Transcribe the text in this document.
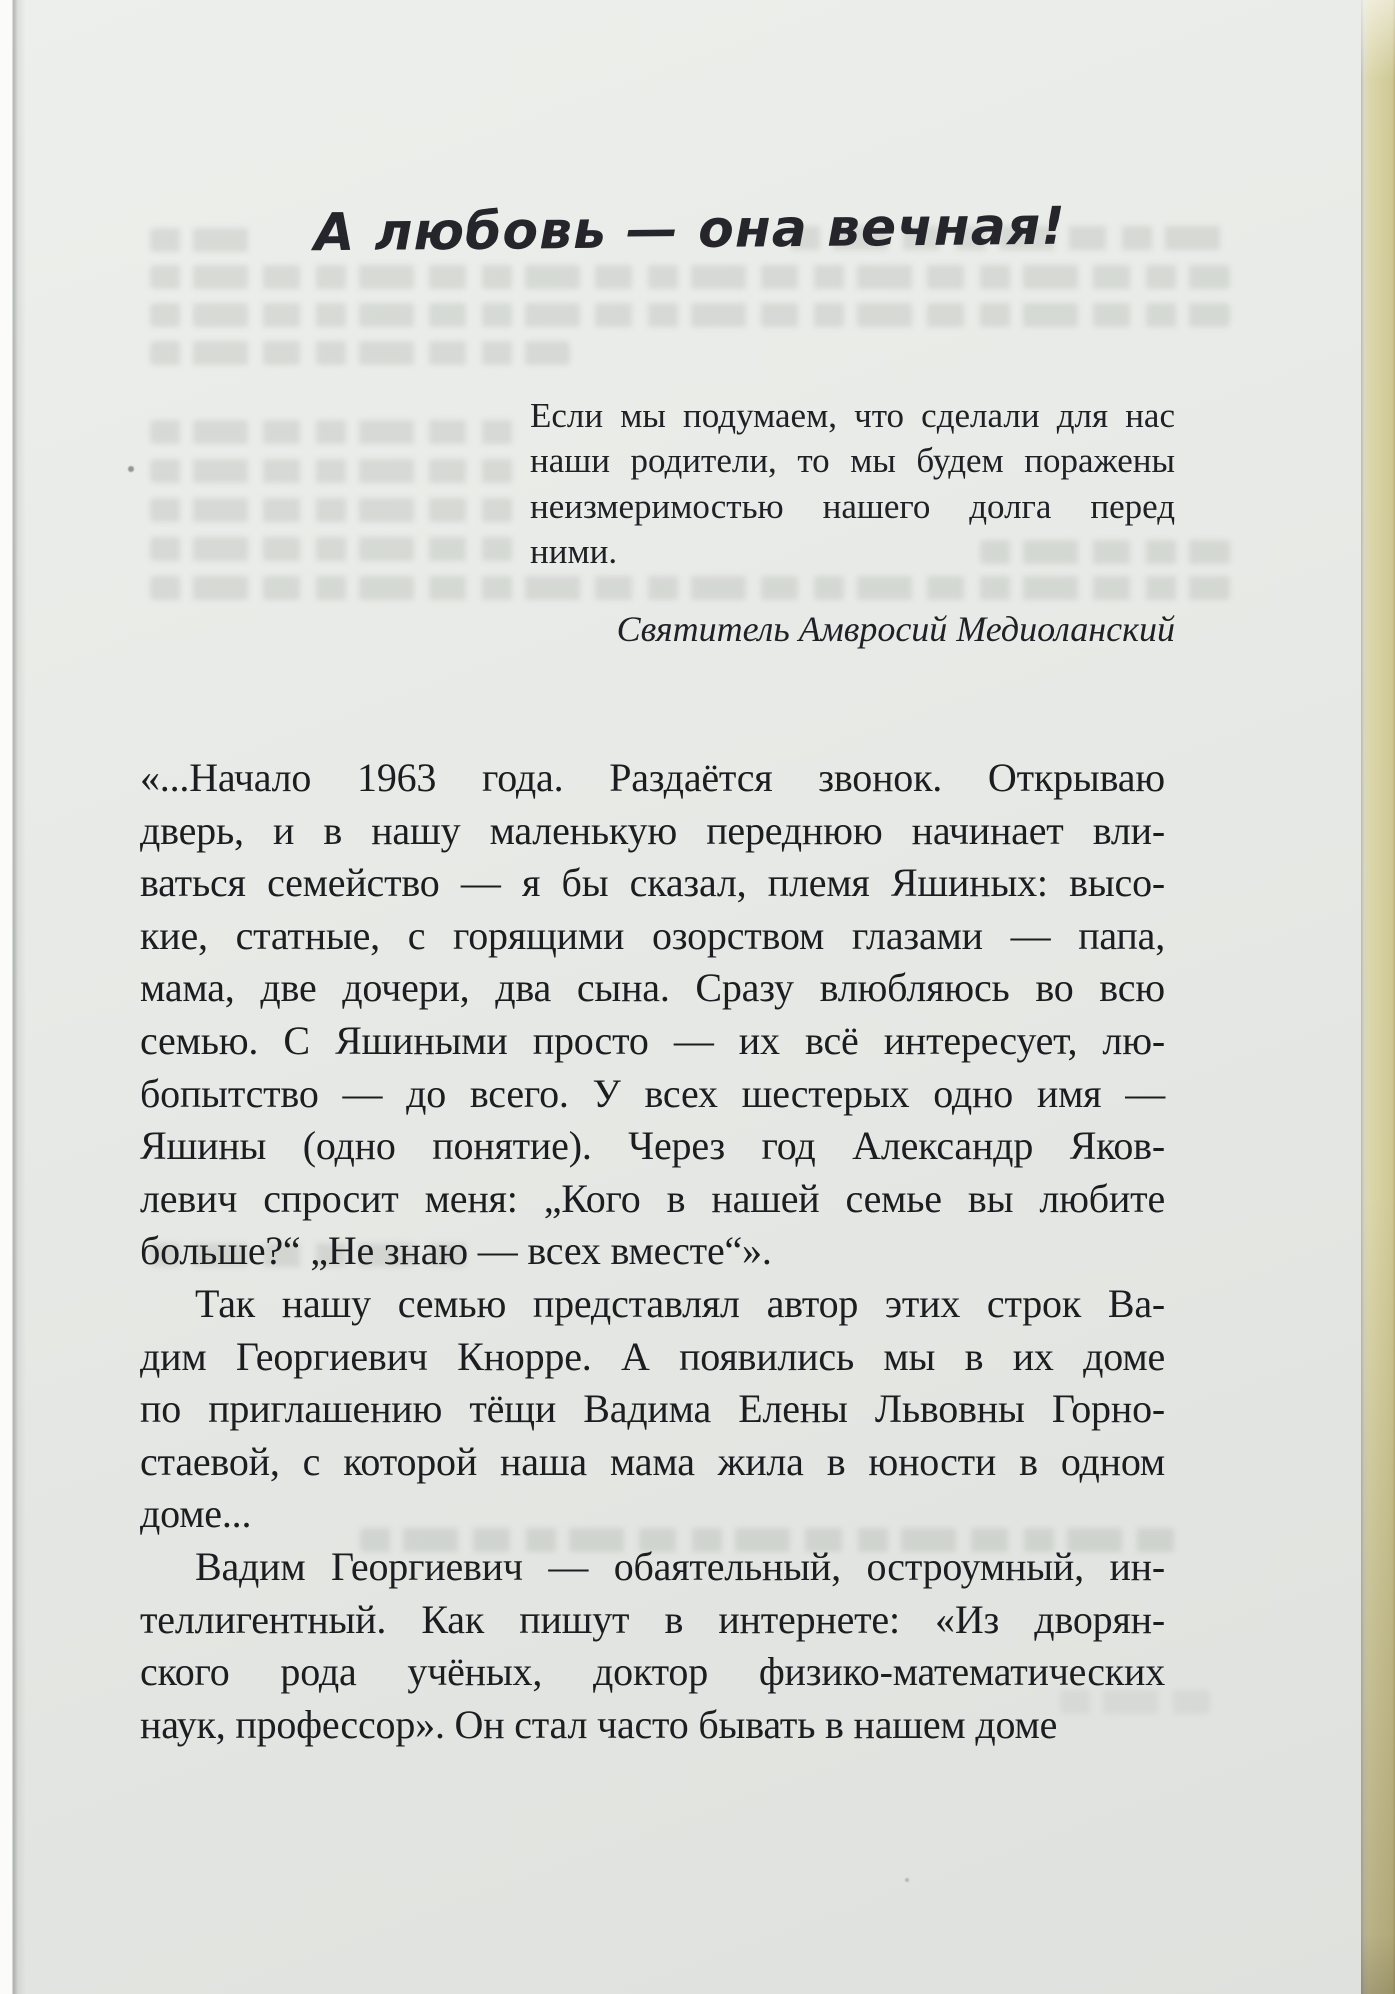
А любовь — она вечная!
Если мы подумаем, что сделали для нас
наши родители, то мы будем поражены
неизмеримостью нашего долга перед
ними.
Святитель Амвросий Медиоланский
«...Начало 1963 года. Раздаётся звонок. Открываю
дверь, и в нашу маленькую переднюю начинает вли-
ваться семейство — я бы сказал, племя Яшиных: высо-
кие, статные, с горящими озорством глазами — папа,
мама, две дочери, два сына. Сразу влюбляюсь во всю
семью. С Яшиными просто — их всё интересует, лю-
бопытство — до всего. У всех шестерых одно имя —
Яшины (одно понятие). Через год Александр Яков-
левич спросит меня: „Кого в нашей семье вы любите
больше?“ „Не знаю — всех вместе“».
Так нашу семью представлял автор этих строк Ва-
дим Георгиевич Кнорре. А появились мы в их доме
по приглашению тёщи Вадима Елены Львовны Горно-
стаевой, с которой наша мама жила в юности в одном
доме...
Вадим Георгиевич — обаятельный, остроумный, ин-
теллигентный. Как пишут в интернете: «Из дворян-
ского рода учёных, доктор физико-математических
наук, профессор». Он стал часто бывать в нашем доме
